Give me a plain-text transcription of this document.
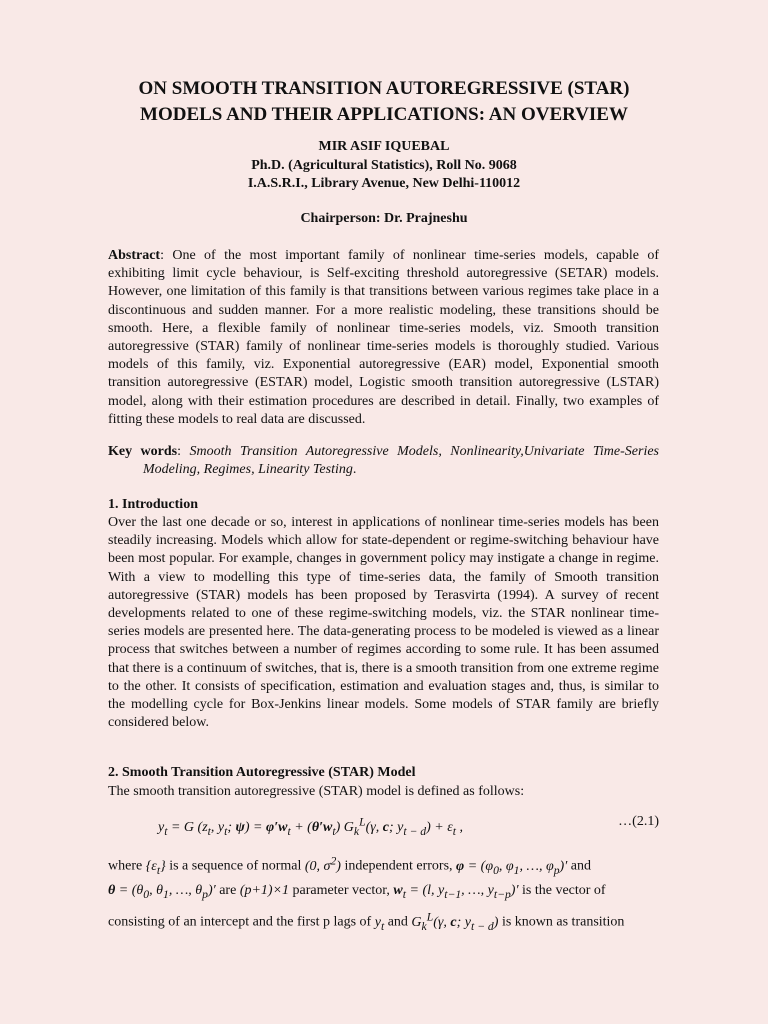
ON SMOOTH TRANSITION AUTOREGRESSIVE (STAR)
MODELS AND THEIR APPLICATIONS: AN OVERVIEW
MIR ASIF IQUEBAL
Ph.D. (Agricultural Statistics), Roll No. 9068
I.A.S.R.I., Library Avenue, New Delhi-110012
Chairperson: Dr. Prajneshu
Abstract: One of the most important family of nonlinear time-series models, capable of exhibiting limit cycle behaviour, is Self-exciting threshold autoregressive (SETAR) models. However, one limitation of this family is that transitions between various regimes take place in a discontinuous and sudden manner. For a more realistic modeling, these transitions should be smooth. Here, a flexible family of nonlinear time-series models, viz. Smooth transition autoregressive (STAR) family of nonlinear time-series models is thoroughly studied. Various models of this family, viz. Exponential autoregressive (EAR) model, Exponential smooth transition autoregressive (ESTAR) model, Logistic smooth transition autoregressive (LSTAR) model, along with their estimation procedures are described in detail. Finally, two examples of fitting these models to real data are discussed.
Key words: Smooth Transition Autoregressive Models, Nonlinearity,Univariate Time-Series Modeling, Regimes, Linearity Testing.
1. Introduction
Over the last one decade or so, interest in applications of nonlinear time-series models has been steadily increasing. Models which allow for state-dependent or regime-switching behaviour have been most popular. For example, changes in government policy may instigate a change in regime. With a view to modelling this type of time-series data, the family of Smooth transition autoregressive (STAR) models has been proposed by Terasvirta (1994). A survey of recent developments related to one of these regime-switching models, viz. the STAR nonlinear time-series models are presented here. The data-generating process to be modeled is viewed as a linear process that switches between a number of regimes according to some rule. It has been assumed that there is a continuum of switches, that is, there is a smooth transition from one extreme regime to the other. It consists of specification, estimation and evaluation stages and, thus, is similar to the modelling cycle for Box-Jenkins linear models. Some models of STAR family are briefly considered below.
2. Smooth Transition Autoregressive (STAR) Model
The smooth transition autoregressive (STAR) model is defined as follows:
$y_t = G$ ($z_t$, $y_t$; $\psi) = \varphi'w_t + (\theta'w_t)$ $G_k^L(\gamma$, c; $y_{t - d}) + \varepsilon_t$ ,	…(2.1)
where $\{\varepsilon_t\}$ is a sequence of normal (0, $\sigma^2$) independent errors, $\varphi = (\varphi_0$, $\varphi_1$, …, $\varphi_p)'$ and
$\theta = (\theta_0$, $\theta_1$, …, $\theta_p)'$ are (p+1)×1 parameter vector, $w_t = (l$, $y_{t-1}$, …, $y_{t-p})'$ is the vector of
consisting of an intercept and the first p lags of $y_t$ and $G_k^L(\gamma$, c; $y_{t - d}$) is known as transition
